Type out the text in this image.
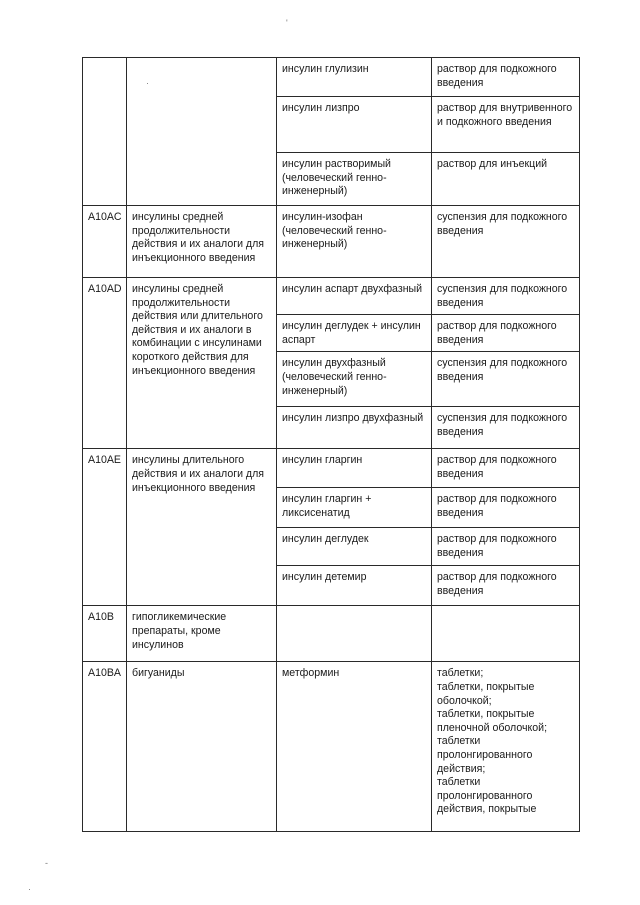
'
·
-
·
		инсулин глулизин	раствор для подкожного введения
		инсулин лизпро	раствор для внутривенного и подкожного введения
		инсулин растворимый (человеческий генно-инженерный)	раствор для инъекций
A10AC	инсулины средней продолжительности действия и их аналоги для инъекционного введения	инсулин-изофан (человеческий генно-инженерный)	суспензия для подкожного введения
A10AD	инсулины средней продолжительности действия или длительного действия и их аналоги в комбинации с инсулинами короткого действия для инъекционного введения	инсулин аспарт двухфазный	суспензия для подкожного введения
		инсулин деглудек + инсулин аспарт	раствор для подкожного введения
		инсулин двухфазный (человеческий генно-инженерный)	суспензия для подкожного введения
		инсулин лизпро двухфазный	суспензия для подкожного введения
A10AE	инсулины длительного действия и их аналоги для инъекционного введения	инсулин гларгин	раствор для подкожного введения
		инсулин гларгин + ликсисенатид	раствор для подкожного введения
		инсулин деглудек	раствор для подкожного введения
		инсулин детемир	раствор для подкожного введения
A10B	гипогликемические препараты, кроме инсулинов		
A10BA	бигуаниды	метформин	таблетки;
таблетки, покрытые оболочкой;
таблетки, покрытые пленочной оболочкой;
таблетки пролонгированного действия;
таблетки пролонгированного действия, покрытые
